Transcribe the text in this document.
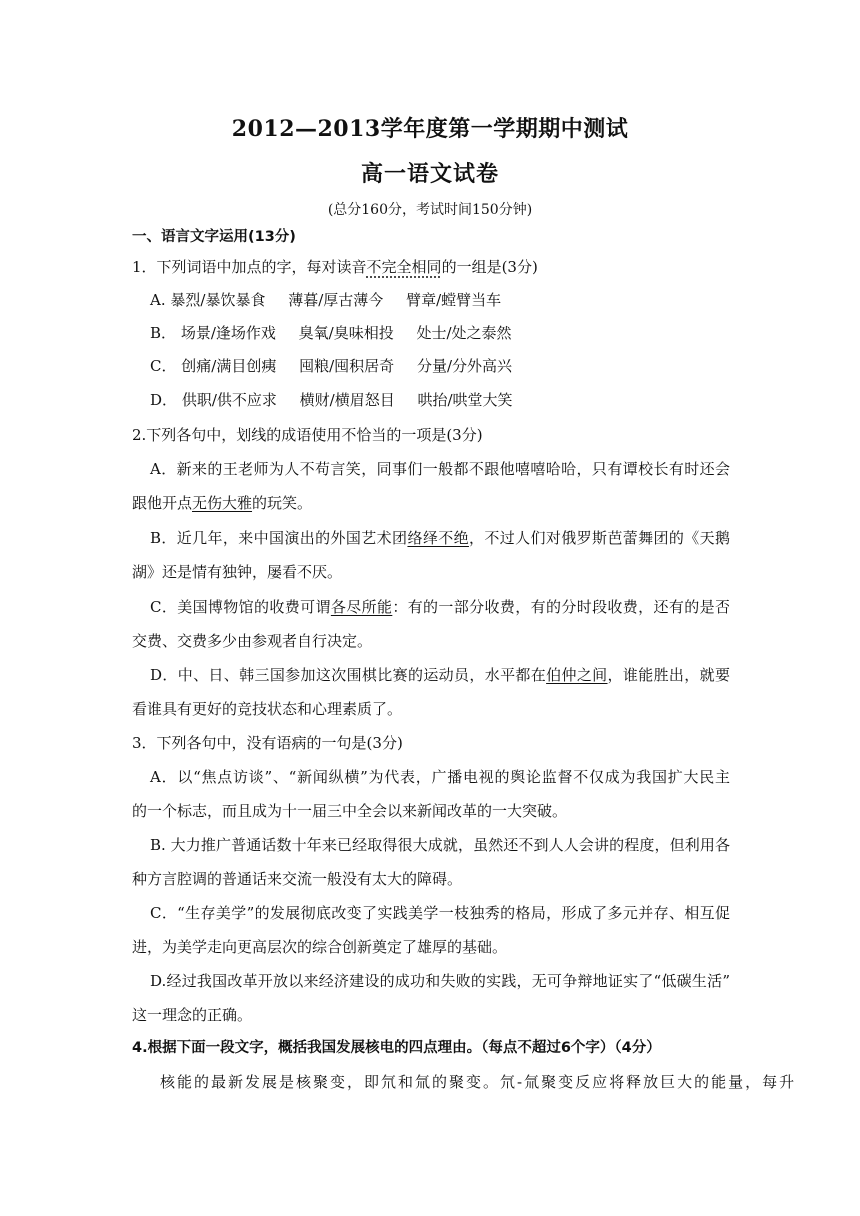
2012—2013学年度第一学期期中测试
高一语文试卷
(总分160分，考试时间150分钟)
一、语言文字运用(13分)
1．下列词语中加点的字，每对读音不完全相同的一组是(3分)
A. 暴烈/暴饮暴食 薄暮/厚古薄今 臂章/螳臂当车
B． 场景/逢场作戏 臭氧/臭味相投 处士/处之泰然
C． 创痛/满目创痍 囤粮/囤积居奇 分量/分外高兴
D． 供职/供不应求 横财/横眉怒目 哄抬/哄堂大笑
2.下列各句中，划线的成语使用不恰当的一项是(3分)
A．新来的王老师为人不苟言笑，同事们一般都不跟他嘻嘻哈哈，只有谭校长有时还会
跟他开点无伤大雅的玩笑。
B．近几年，来中国演出的外国艺术团络绎不绝，不过人们对俄罗斯芭蕾舞团的《天鹅
湖》还是情有独钟，屡看不厌。
C．美国博物馆的收费可谓各尽所能：有的一部分收费，有的分时段收费，还有的是否
交费、交费多少由参观者自行决定。
D．中、日、韩三国参加这次围棋比赛的运动员，水平都在伯仲之间，谁能胜出，就要
看谁具有更好的竞技状态和心理素质了。
3．下列各句中，没有语病的一句是(3分)
A．以“焦点访谈”、“新闻纵横”为代表，广播电视的舆论监督不仅成为我国扩大民主
的一个标志，而且成为十一届三中全会以来新闻改革的一大突破。
B. 大力推广普通话数十年来已经取得很大成就，虽然还不到人人会讲的程度，但利用各
种方言腔调的普通话来交流一般没有太大的障碍。
C．“生存美学”的发展彻底改变了实践美学一枝独秀的格局，形成了多元并存、相互促
进，为美学走向更高层次的综合创新奠定了雄厚的基础。
D.经过我国改革开放以来经济建设的成功和失败的实践，无可争辩地证实了“低碳生活”
这一理念的正确。
4.根据下面一段文字，概括我国发展核电的四点理由。（每点不超过6个字）（4分）
核能的最新发展是核聚变，即氘和氚的聚变。氘-氚聚变反应将释放巨大的能量，每升
